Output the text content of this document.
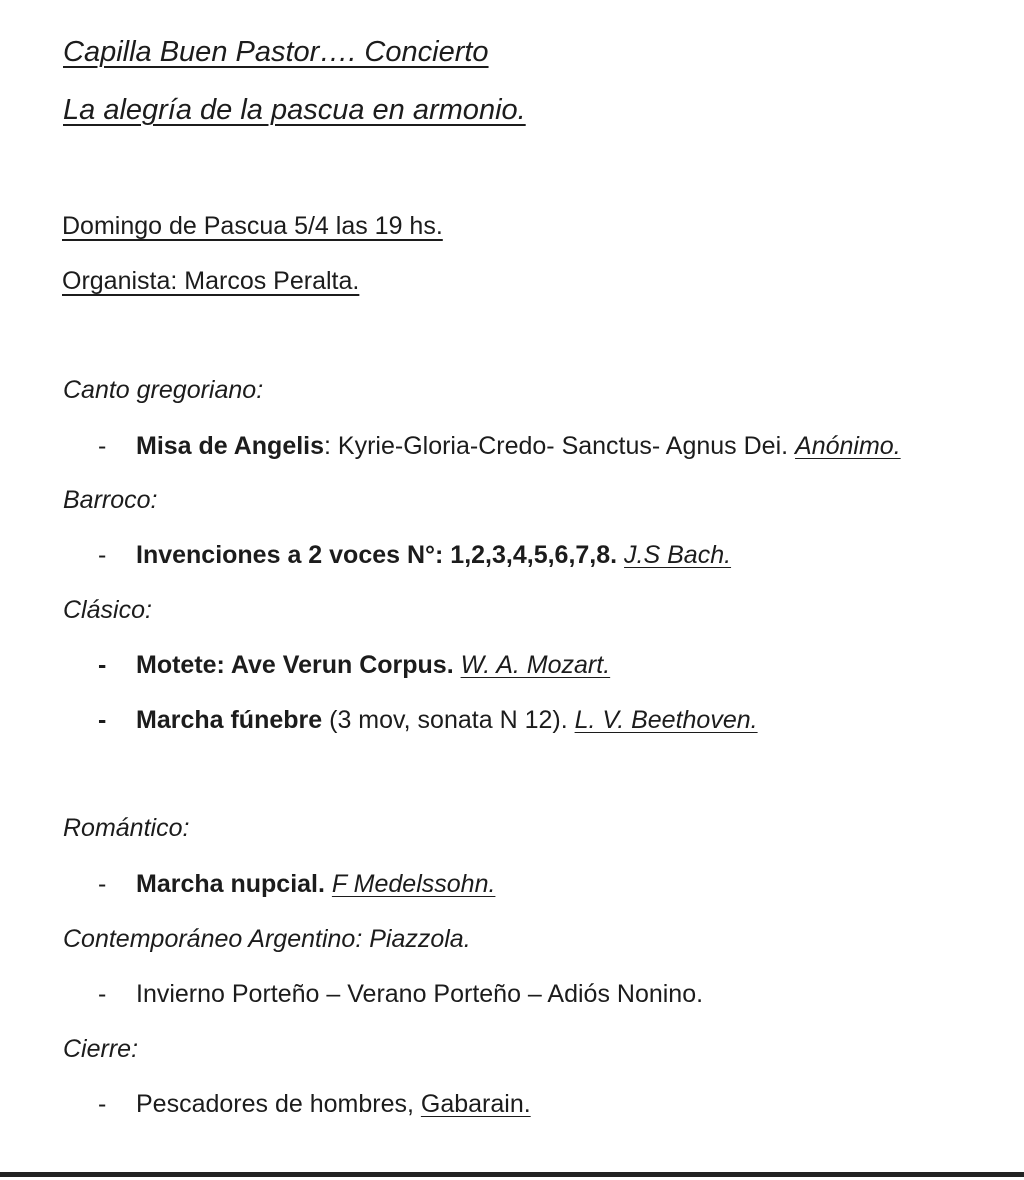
Capilla Buen Pastor…. Concierto
La alegría de la pascua en armonio.
Domingo de Pascua 5/4 las 19 hs.
Organista: Marcos Peralta.
Canto gregoriano:
- Misa de Angelis: Kyrie-Gloria-Credo- Sanctus- Agnus Dei. Anónimo.
Barroco:
- Invenciones a 2 voces N°: 1,2,3,4,5,6,7,8. J.S Bach.
Clásico:
- Motete: Ave Verun Corpus. W. A. Mozart.
- Marcha fúnebre (3 mov, sonata N 12). L. V. Beethoven.
Romántico:
- Marcha nupcial. F Medelssohn.
Contemporáneo Argentino: Piazzola.
- Invierno Porteño – Verano Porteño – Adiós Nonino.
Cierre:
- Pescadores de hombres, Gabarain.
